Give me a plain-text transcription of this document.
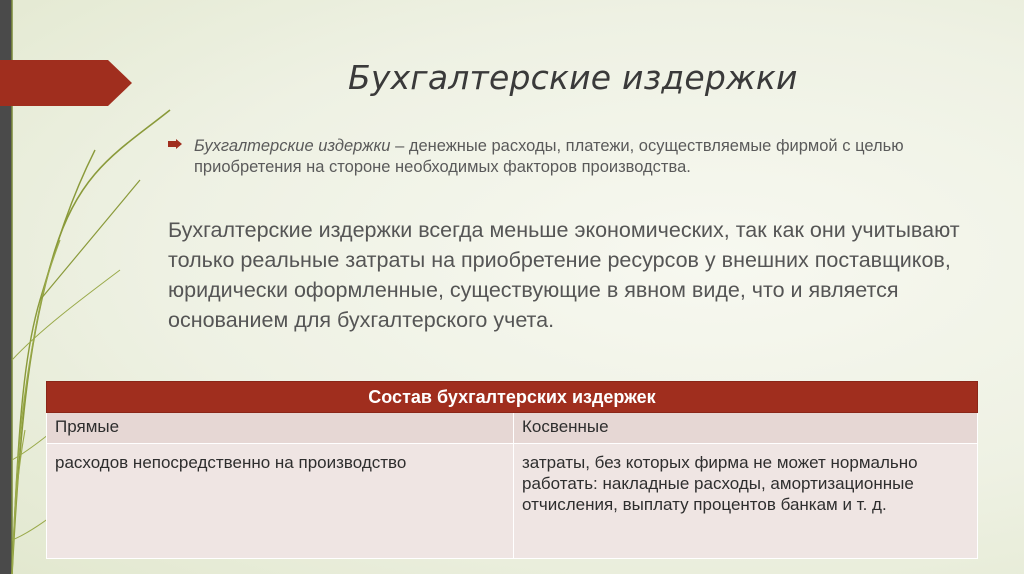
Бухгалтерские издержки

Бухгалтерские издержки – денежные расходы, платежи, осуществляемые фирмой с целью приобретения на стороне необходимых факторов производства.

Бухгалтерские издержки всегда меньше экономических, так как они учитывают только реальные затраты на приобретение ресурсов у внешних поставщиков, юридически оформленные, существующие в явном виде, что и является основанием для бухгалтерского учета.

Состав бухгалтерских издержек	
Прямые	Косвенные
расходов непосредственно на производство	затраты, без которых фирма не может нормально работать: накладные расходы, амортизационные отчисления, выплату процентов банкам и т. д.
